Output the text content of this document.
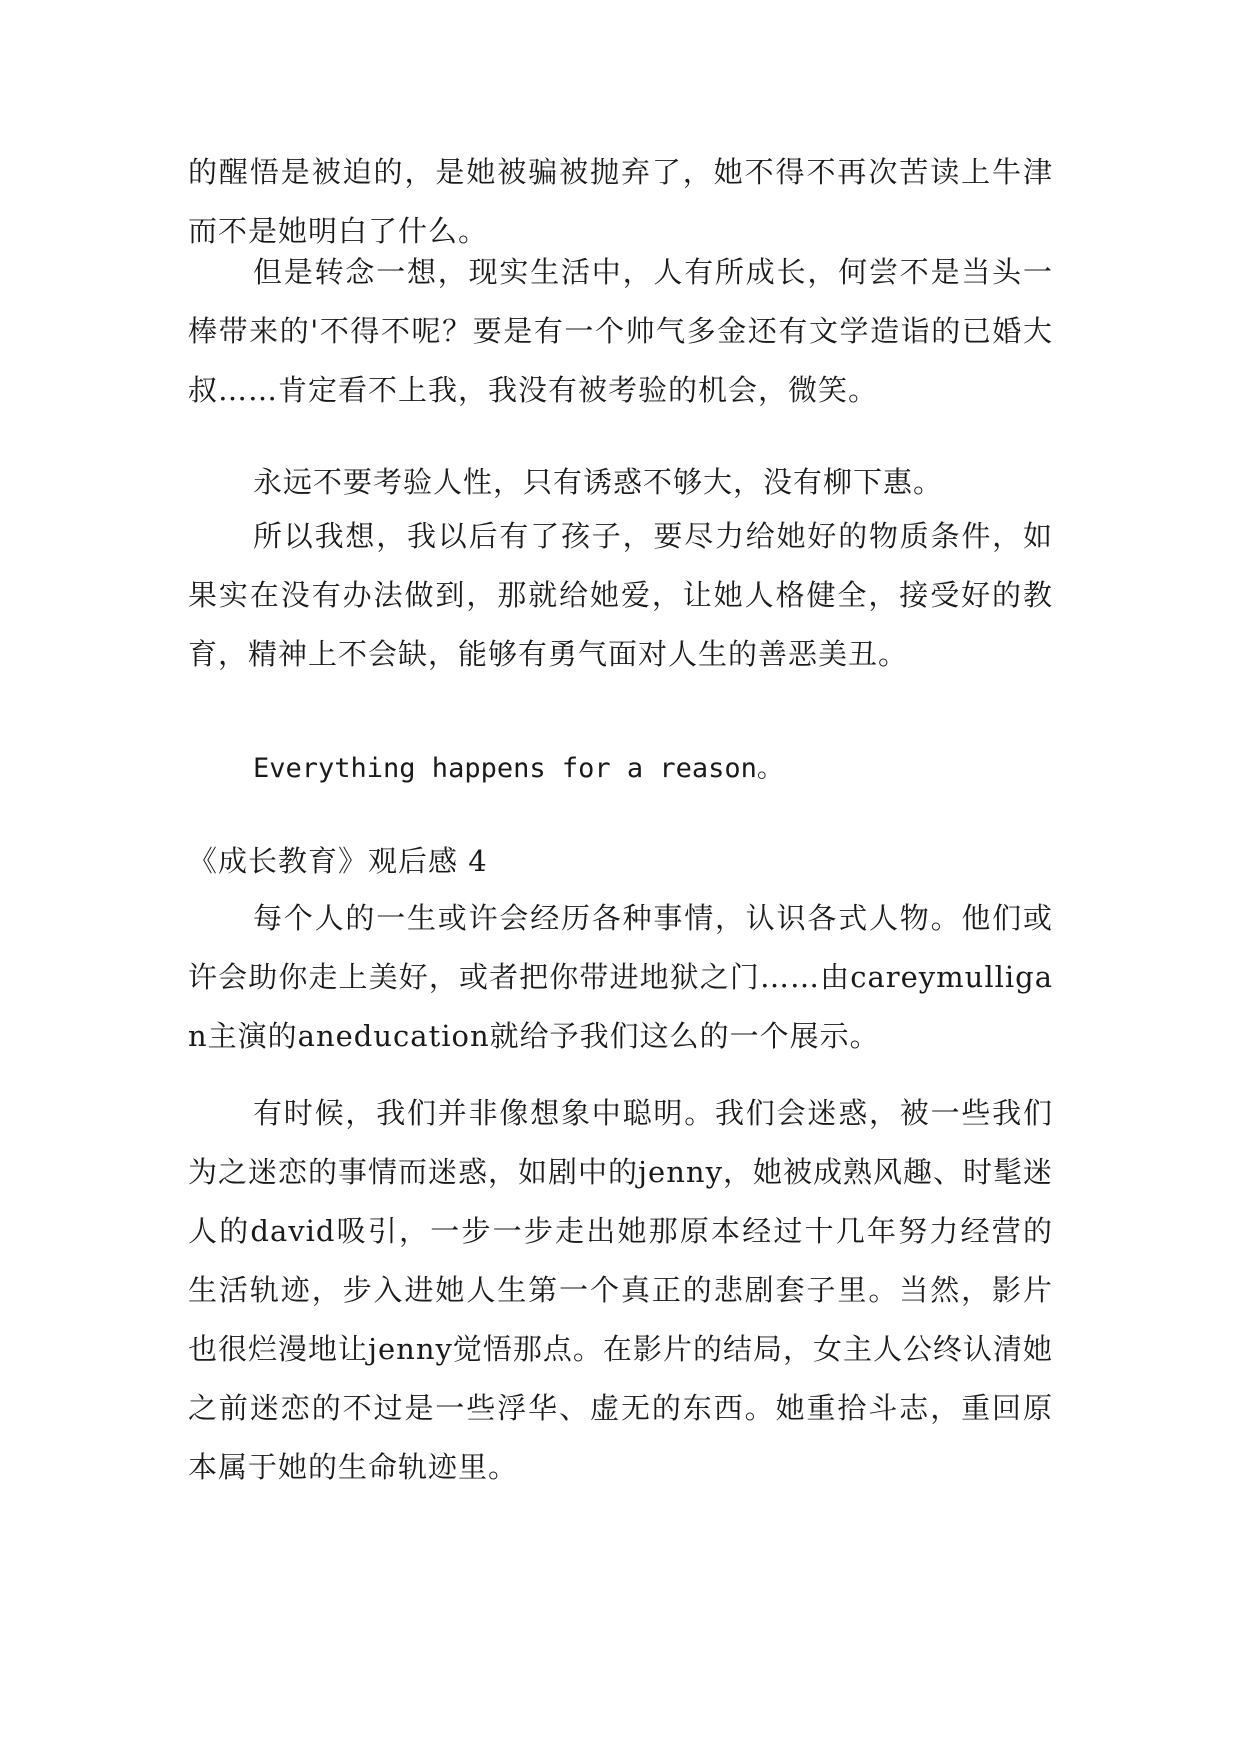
的醒悟是被迫的，是她被骗被抛弃了，她不得不再次苦读上牛津而不是她明白了什么。

但是转念一想，现实生活中，人有所成长，何尝不是当头一棒带来的'不得不呢？要是有一个帅气多金还有文学造诣的已婚大叔……肯定看不上我，我没有被考验的机会，微笑。

永远不要考验人性，只有诱惑不够大，没有柳下惠。

所以我想，我以后有了孩子，要尽力给她好的物质条件，如果实在没有办法做到，那就给她爱，让她人格健全，接受好的教育，精神上不会缺，能够有勇气面对人生的善恶美丑。

Everything happens for a reason。

《成长教育》观后感 4

每个人的一生或许会经历各种事情，认识各式人物。他们或许会助你走上美好，或者把你带进地狱之门……由careymulligan主演的aneducation就给予我们这么的一个展示。

有时候，我们并非像想象中聪明。我们会迷惑，被一些我们为之迷恋的事情而迷惑，如剧中的jenny，她被成熟风趣、时髦迷人的david吸引，一步一步走出她那原本经过十几年努力经营的生活轨迹，步入进她人生第一个真正的悲剧套子里。当然，影片也很烂漫地让jenny觉悟那点。在影片的结局，女主人公终认清她之前迷恋的不过是一些浮华、虚无的东西。她重拾斗志，重回原本属于她的生命轨迹里。
